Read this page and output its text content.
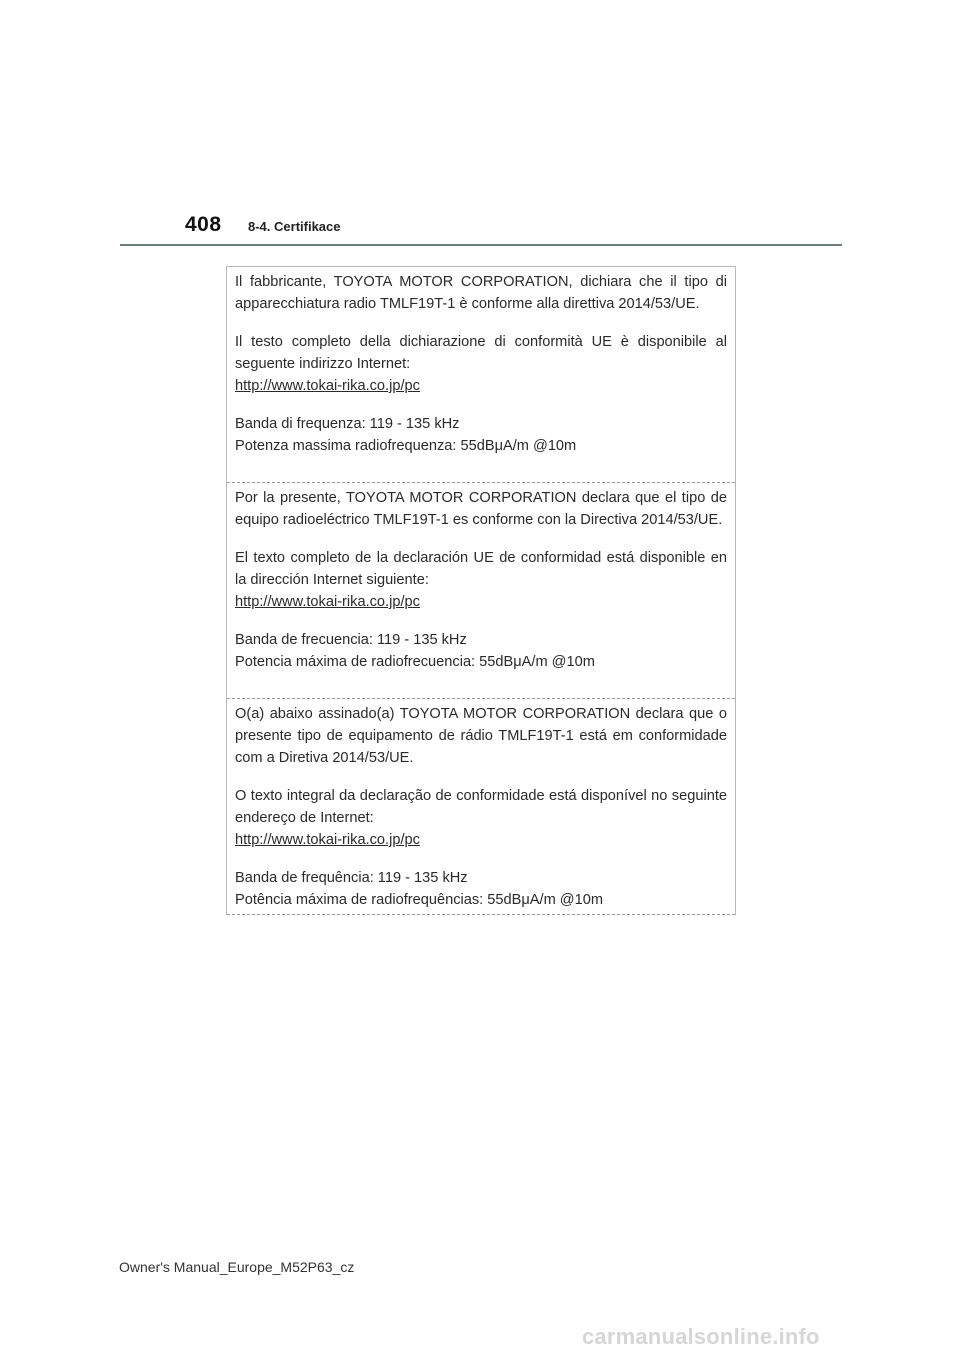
408 8-4. Certifikace

Il fabbricante, TOYOTA MOTOR CORPORATION, dichiara che il tipo di apparecchiatura radio TMLF19T-1 è conforme alla direttiva 2014/53/UE.

Il testo completo della dichiarazione di conformità UE è disponibile al seguente indirizzo Internet:

http://www.tokai-rika.co.jp/pc

Banda di frequenza: 119 - 135 kHz

Potenza massima radiofrequenza: 55dBμA/m @10m

Por la presente, TOYOTA MOTOR CORPORATION declara que el tipo de equipo radioeléctrico TMLF19T-1 es conforme con la Directiva 2014/53/UE.

El texto completo de la declaración UE de conformidad está disponible en la dirección Internet siguiente:

http://www.tokai-rika.co.jp/pc

Banda de frecuencia: 119 - 135 kHz

Potencia máxima de radiofrecuencia: 55dBμA/m @10m

O(a) abaixo assinado(a) TOYOTA MOTOR CORPORATION declara que o presente tipo de equipamento de rádio TMLF19T-1 está em conformidade com a Diretiva 2014/53/UE.

O texto integral da declaração de conformidade está disponível no seguinte endereço de Internet:

http://www.tokai-rika.co.jp/pc

Banda de frequência: 119 - 135 kHz

Potência máxima de radiofrequências: 55dBμA/m @10m

Owner's Manual_Europe_M52P63_cz
carmanualsonline.info
